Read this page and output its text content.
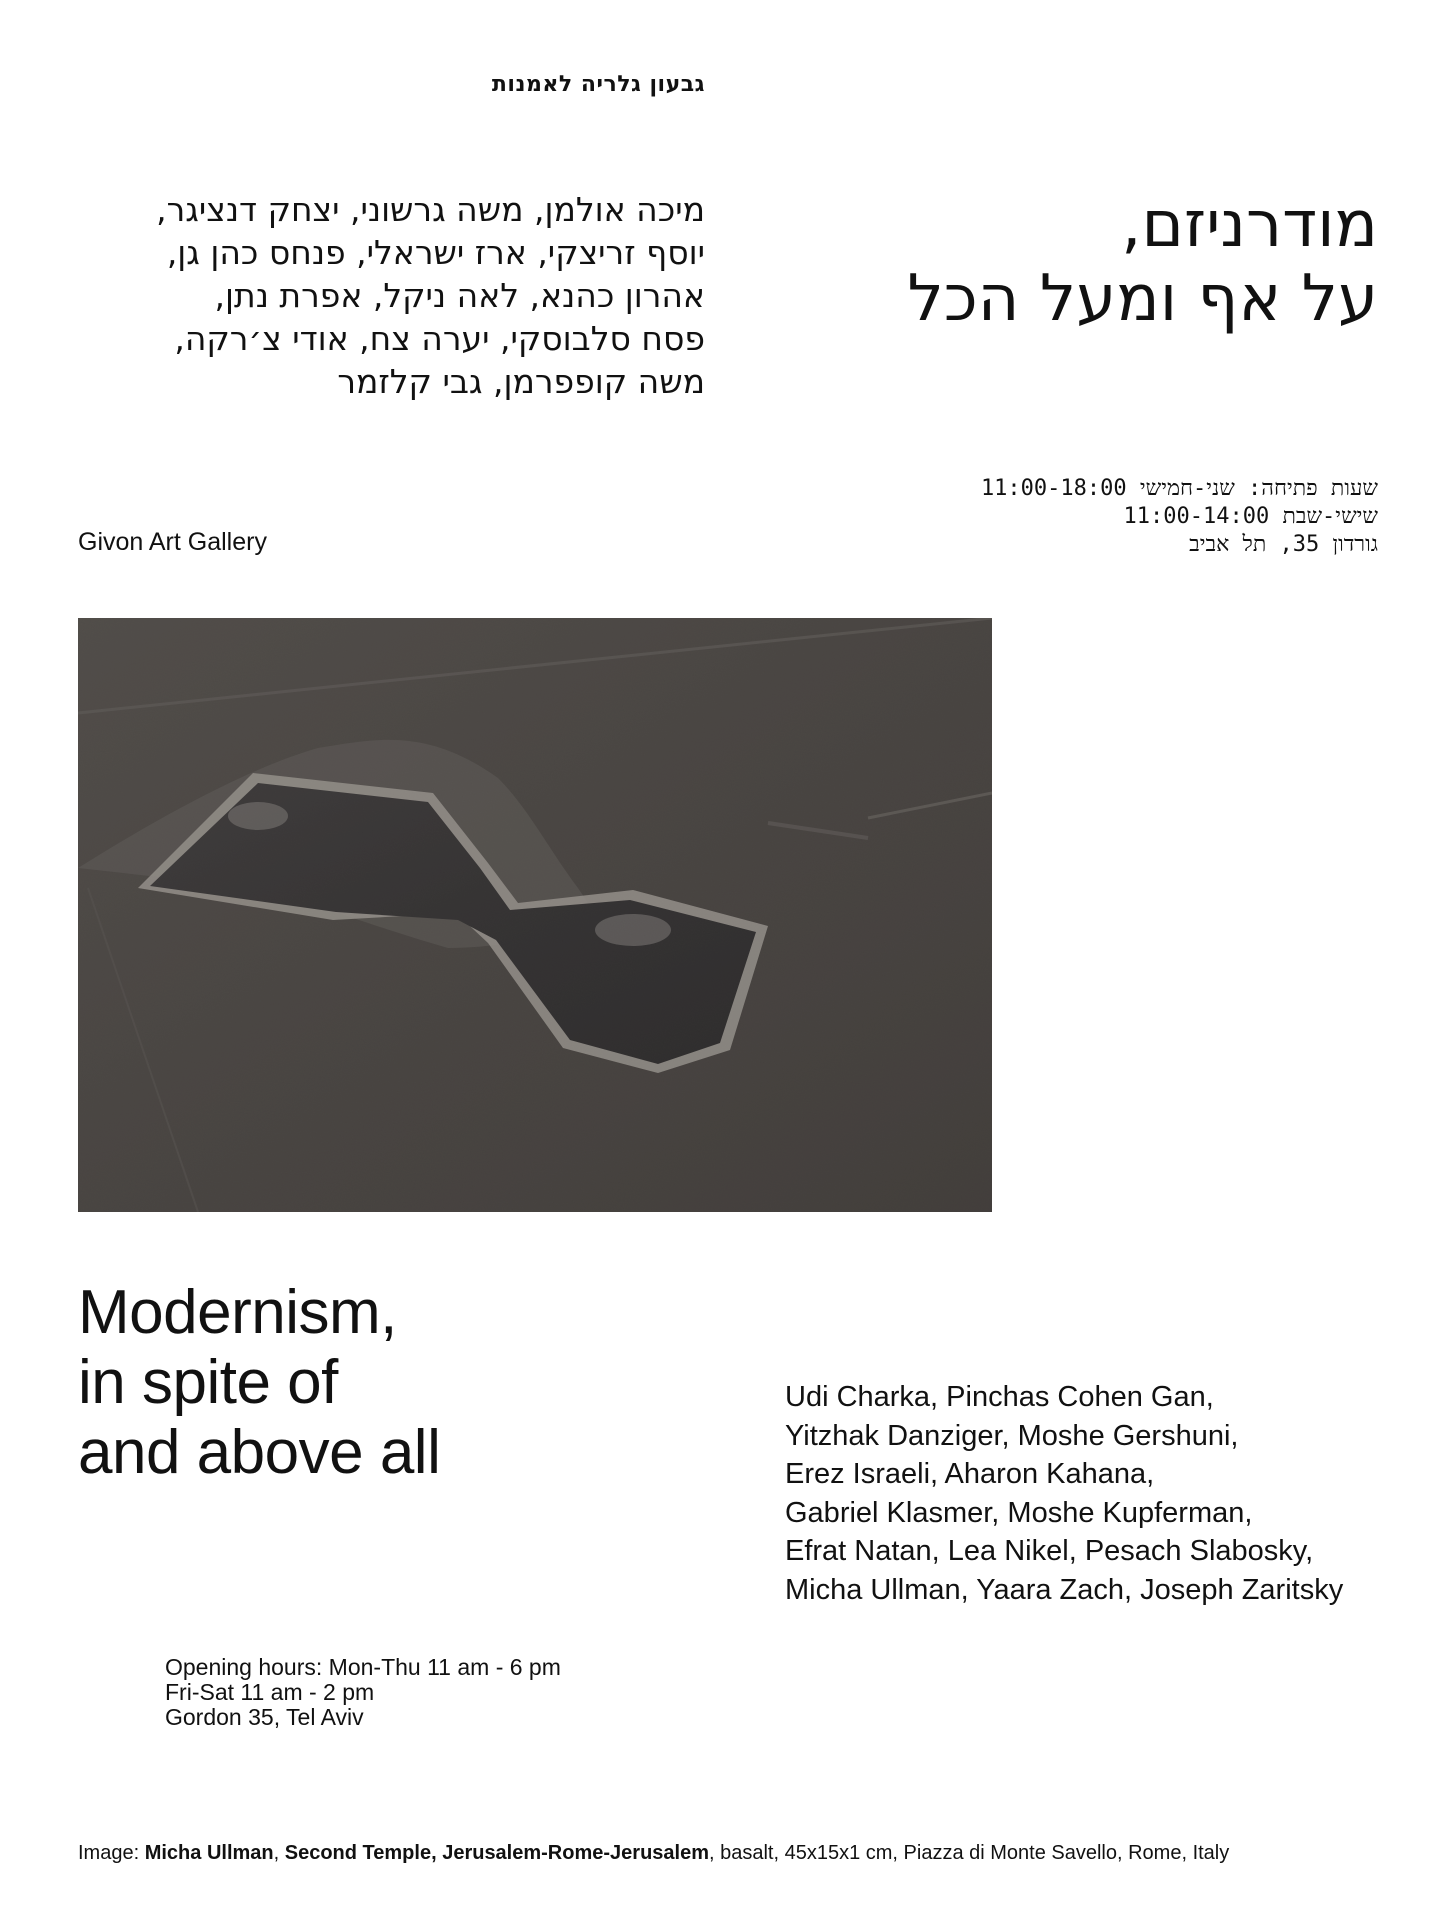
גבעון גלריה לאמנות
מיכה אולמן, משה גרשוני, יצחק דנציגר,
יוסף זריצקי, ארז ישראלי, פנחס כהן גן,
אהרון כהנא, לאה ניקל, אפרת נתן,
פסח סלבוסקי, יערה צח, אודי צ׳רקה,
משה קופפרמן, גבי קלזמר
מודרניזם,
על אף ומעל הכל
שעות פתיחה: שני-חמישי 11:00-18:00
שישי-שבת 11:00-14:00
גורדון 35, תל אביב
Givon Art Gallery
Modernism,
in spite of
and above all
Udi Charka, Pinchas Cohen Gan,
Yitzhak Danziger, Moshe Gershuni,
Erez Israeli, Aharon Kahana,
Gabriel Klasmer, Moshe Kupferman,
Efrat Natan, Lea Nikel, Pesach Slabosky,
Micha Ullman, Yaara Zach, Joseph Zaritsky
Opening hours: Mon-Thu 11 am - 6 pm
Fri-Sat 11 am - 2 pm
Gordon 35, Tel Aviv
Image: Micha Ullman, Second Temple, Jerusalem-Rome-Jerusalem, basalt, 45x15x1 cm, Piazza di Monte Savello, Rome, Italy
